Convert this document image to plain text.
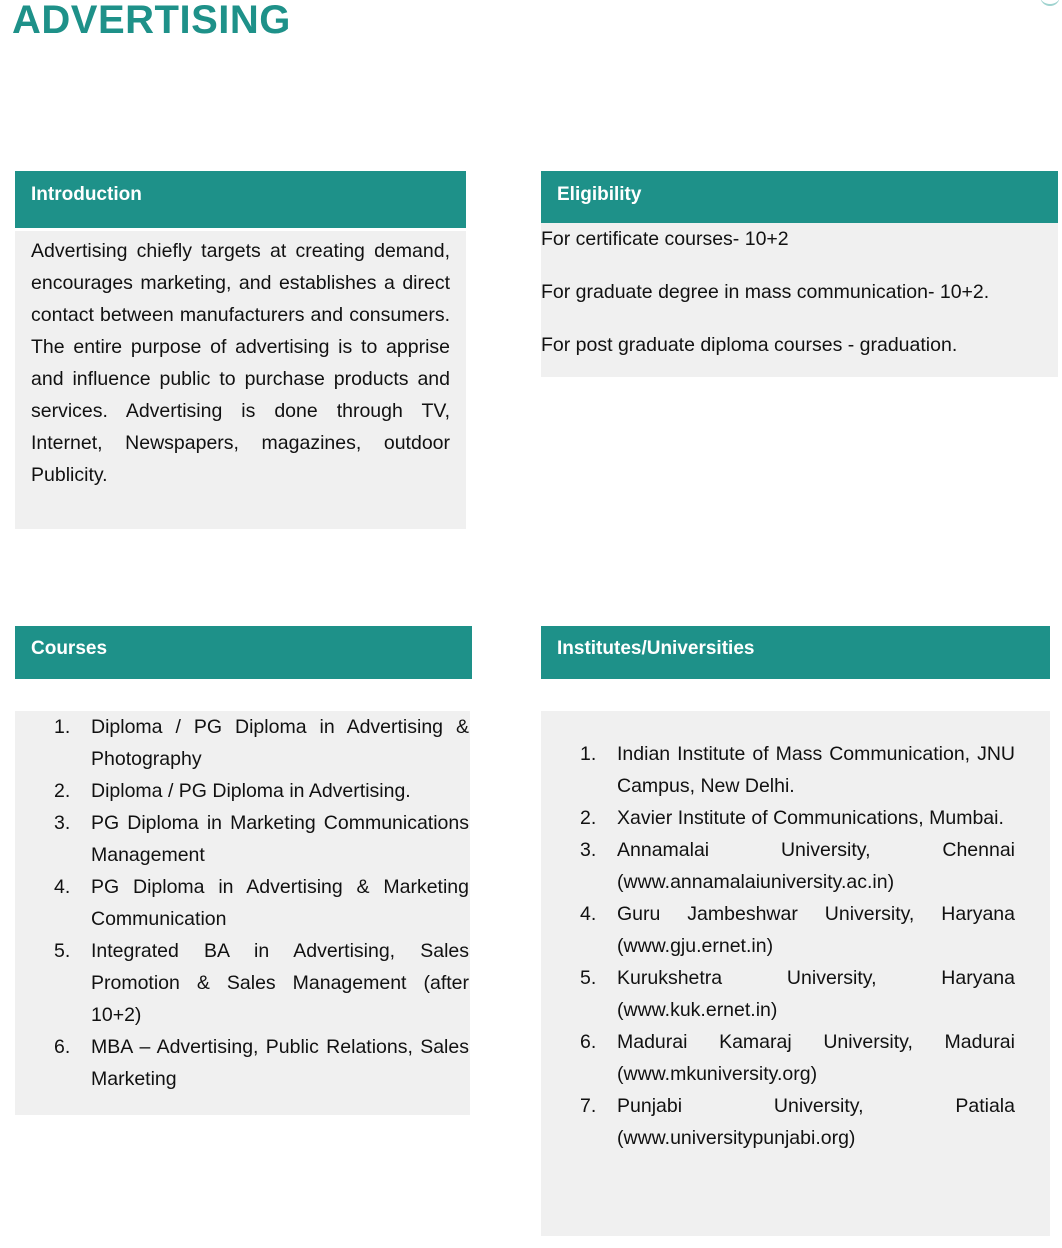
ADVERTISING
Introduction
Advertising chiefly targets at creating demand, encourages marketing, and establishes a direct contact between manufacturers and consumers. The entire purpose of advertising is to apprise and influence public to purchase products and services. Advertising is done through TV, Internet, Newspapers, magazines, outdoor Publicity.
Eligibility

For certificate courses- 10+2

For graduate degree in mass communication- 10+2.

For post graduate diploma courses - graduation.

Courses
1. Diploma / PG Diploma in Advertising & Photography
2. Diploma / PG Diploma in Advertising.
3. PG Diploma in Marketing Communications Management
4. PG Diploma in Advertising & Marketing Communication
5. Integrated BA in Advertising, Sales Promotion & Sales Management (after 10+2)
6. MBA – Advertising, Public Relations, Sales Marketing
Institutes/Universities
1. Indian Institute of Mass Communication, JNU Campus, New Delhi.
2. Xavier Institute of Communications, Mumbai.
3. Annamalai University, Chennai (www.annamalaiuniversity.ac.in)
4. Guru Jambeshwar University, Haryana (www.gju.ernet.in)
5. Kurukshetra University, Haryana (www.kuk.ernet.in)
6. Madurai Kamaraj University, Madurai (www.mkuniversity.org)
7. Punjabi University, Patiala (www.universitypunjabi.org)
